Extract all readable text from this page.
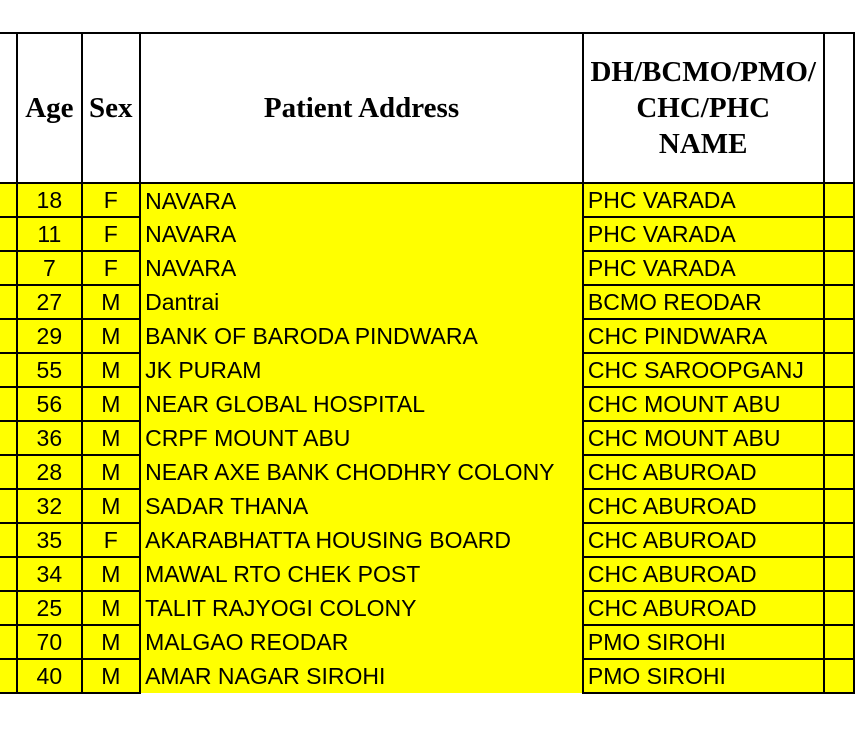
	Age	Sex	Patient Address	DH/BCMO/PMO/
CHC/PHC
NAME	

	18	F	NAVARA	PHC VARADA	
	11	F	NAVARA	PHC VARADA	
	7	F	NAVARA	PHC VARADA	
	27	M	Dantrai	BCMO REODAR	
	29	M	BANK OF BARODA PINDWARA	CHC PINDWARA	
	55	M	JK PURAM	CHC SAROOPGANJ	
	56	M	NEAR GLOBAL HOSPITAL	CHC MOUNT ABU	
	36	M	CRPF MOUNT ABU	CHC MOUNT ABU	
	28	M	NEAR AXE BANK CHODHRY COLONY	CHC ABUROAD	
	32	M	SADAR THANA	CHC ABUROAD	
	35	F	AKARABHATTA HOUSING BOARD	CHC ABUROAD	
	34	M	MAWAL RTO CHEK POST	CHC ABUROAD	
	25	M	TALIT RAJYOGI COLONY	CHC ABUROAD	
	70	M	MALGAO REODAR	PMO SIROHI	
	40	M	AMAR NAGAR SIROHI	PMO SIROHI	
